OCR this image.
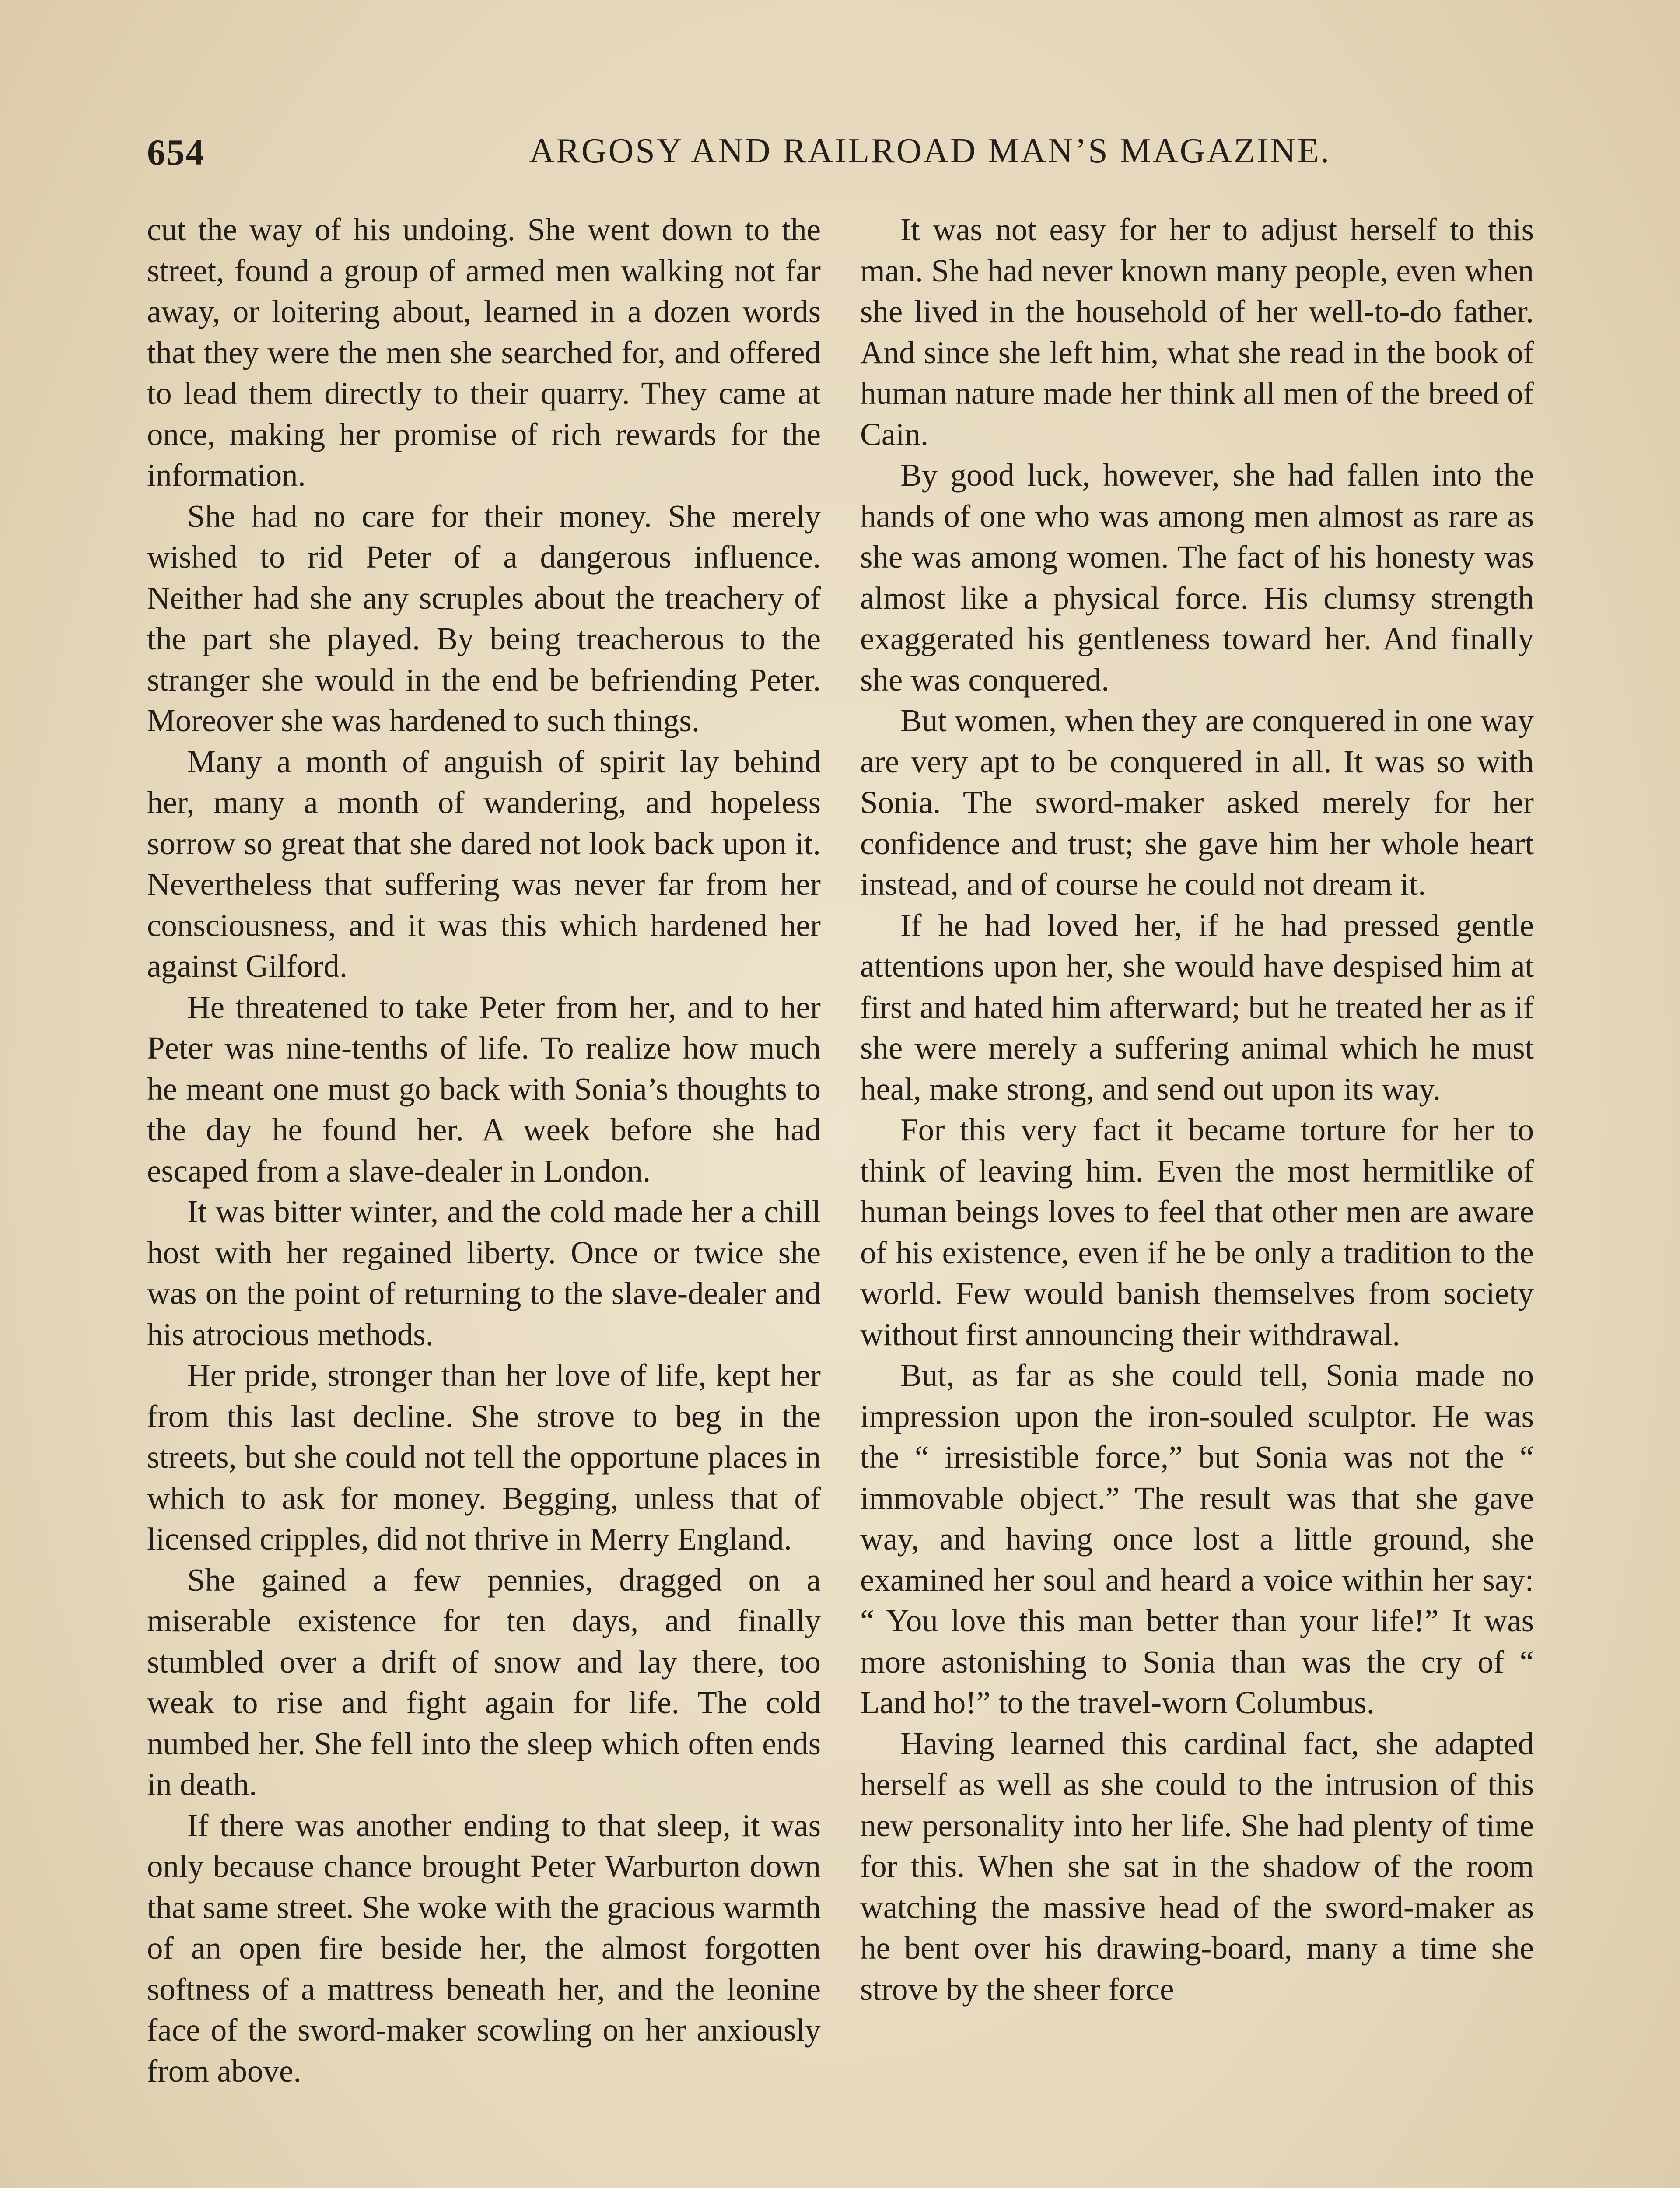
654	ARGOSY AND RAILROAD MAN’S MAGAZINE.

cut the way of his undoing. She went down to the street, found a group of armed men walking not far away, or loitering about, learned in a dozen words that they were the men she searched for, and offered to lead them directly to their quarry. They came at once, making her promise of rich rewards for the information.

She had no care for their money. She merely wished to rid Peter of a dangerous influence. Neither had she any scruples about the treachery of the part she played. By being treacherous to the stranger she would in the end be befriending Peter. Moreover she was hardened to such things.

Many a month of anguish of spirit lay behind her, many a month of wandering, and hopeless sorrow so great that she dared not look back upon it. Nevertheless that suffering was never far from her consciousness, and it was this which hardened her against Gilford.

He threatened to take Peter from her, and to her Peter was nine-tenths of life. To realize how much he meant one must go back with Sonia’s thoughts to the day he found her. A week before she had escaped from a slave-dealer in London.

It was bitter winter, and the cold made her a chill host with her regained liberty. Once or twice she was on the point of returning to the slave-dealer and his atrocious methods.

Her pride, stronger than her love of life, kept her from this last decline. She strove to beg in the streets, but she could not tell the opportune places in which to ask for money. Begging, unless that of licensed cripples, did not thrive in Merry England.

She gained a few pennies, dragged on a miserable existence for ten days, and finally stumbled over a drift of snow and lay there, too weak to rise and fight again for life. The cold numbed her. She fell into the sleep which often ends in death.

If there was another ending to that sleep, it was only because chance brought Peter Warburton down that same street. She woke with the gracious warmth of an open fire beside her, the almost forgotten softness of a mattress beneath her, and the leonine face of the sword-maker scowling on her anxiously from above.

It was not easy for her to adjust herself to this man. She had never known many people, even when she lived in the household of her well-to-do father. And since she left him, what she read in the book of human nature made her think all men of the breed of Cain.

By good luck, however, she had fallen into the hands of one who was among men almost as rare as she was among women. The fact of his honesty was almost like a physical force. His clumsy strength exaggerated his gentleness toward her. And finally she was conquered.

But women, when they are conquered in one way are very apt to be conquered in all. It was so with Sonia. The sword-maker asked merely for her confidence and trust; she gave him her whole heart instead, and of course he could not dream it.

If he had loved her, if he had pressed gentle attentions upon her, she would have despised him at first and hated him afterward; but he treated her as if she were merely a suffering animal which he must heal, make strong, and send out upon its way.

For this very fact it became torture for her to think of leaving him. Even the most hermitlike of human beings loves to feel that other men are aware of his existence, even if he be only a tradition to the world. Few would banish themselves from society without first announcing their withdrawal.

But, as far as she could tell, Sonia made no impression upon the iron-souled sculptor. He was the “ irresistible force,” but Sonia was not the “ immovable object.” The result was that she gave way, and having once lost a little ground, she examined her soul and heard a voice within her say: “ You love this man better than your life!” It was more astonishing to Sonia than was the cry of “ Land ho!” to the travel-worn Columbus.

Having learned this cardinal fact, she adapted herself as well as she could to the intrusion of this new personality into her life. She had plenty of time for this. When she sat in the shadow of the room watching the massive head of the sword-maker as he bent over his drawing-board, many a time she strove by the sheer force
